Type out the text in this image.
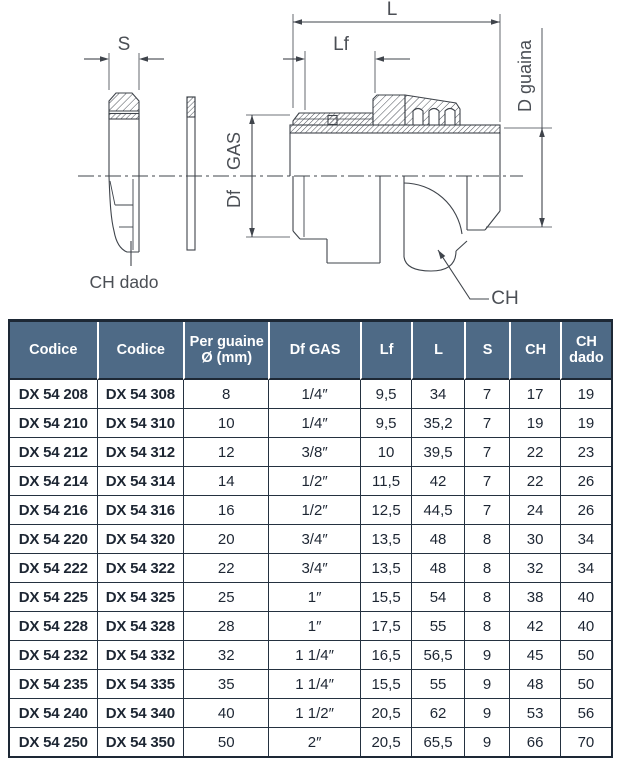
S
CH dado
L
Lf
GAS
Df
D guaina
CH
Codice	Codice	Per guaine Ø (mm)	Df GAS	Lf	L	S	CH	CH dado
DX 54 208	DX 54 308	8	1/4″	9,5	34	7	17	19
DX 54 210	DX 54 310	10	1/4″	9,5	35,2	7	19	19
DX 54 212	DX 54 312	12	3/8″	10	39,5	7	22	23
DX 54 214	DX 54 314	14	1/2″	11,5	42	7	22	26
DX 54 216	DX 54 316	16	1/2″	12,5	44,5	7	24	26
DX 54 220	DX 54 320	20	3/4″	13,5	48	8	30	34
DX 54 222	DX 54 322	22	3/4″	13,5	48	8	32	34
DX 54 225	DX 54 325	25	1″	15,5	54	8	38	40
DX 54 228	DX 54 328	28	1″	17,5	55	8	42	40
DX 54 232	DX 54 332	32	1 1/4″	16,5	56,5	9	45	50
DX 54 235	DX 54 335	35	1 1/4″	15,5	55	9	48	50
DX 54 240	DX 54 340	40	1 1/2″	20,5	62	9	53	56
DX 54 250	DX 54 350	50	2″	20,5	65,5	9	66	70
